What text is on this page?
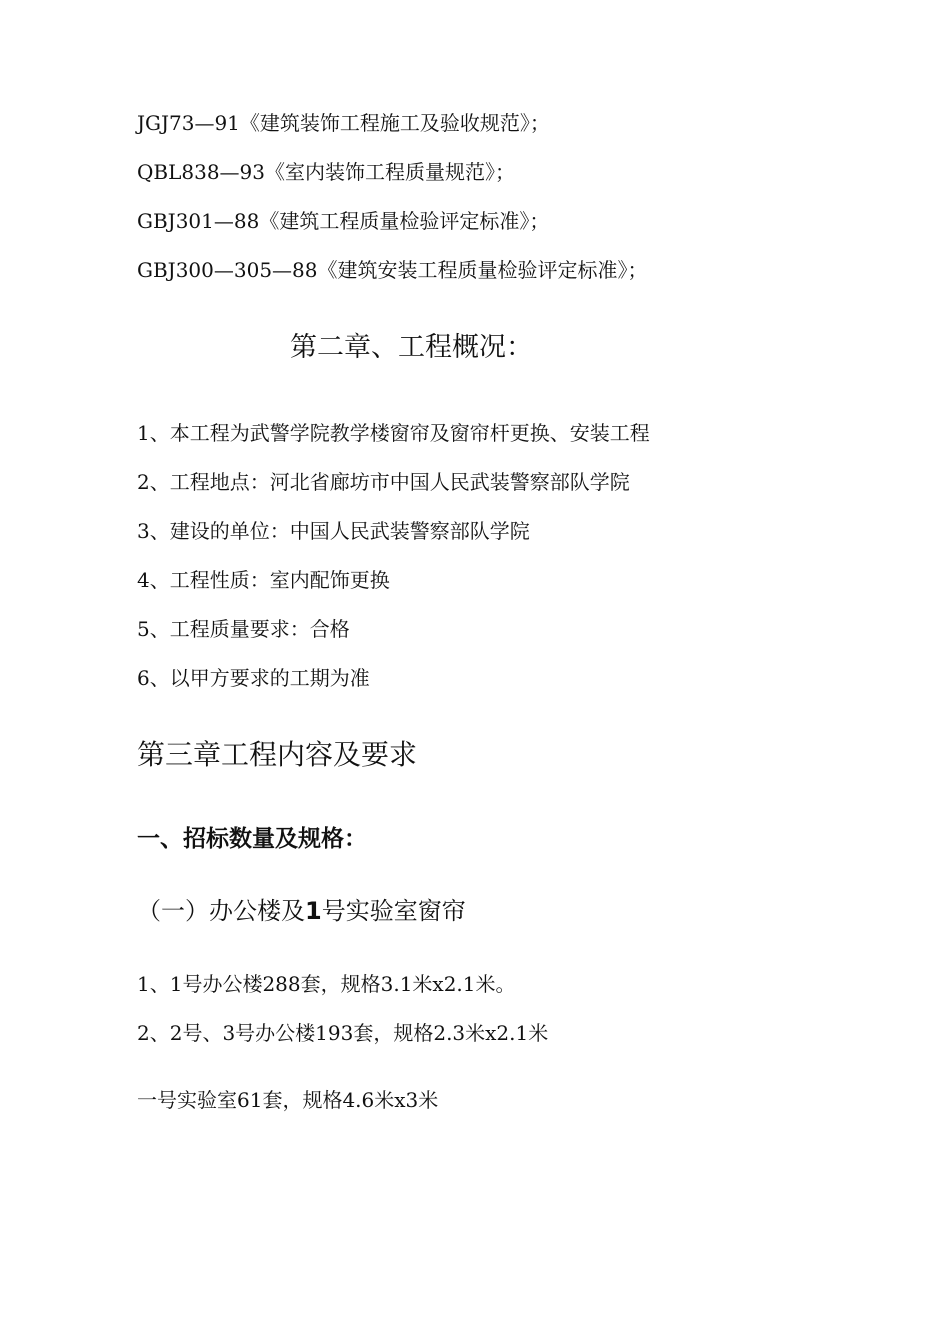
JGJ73—91《建筑装饰工程施工及验收规范》；
QBL838—93《室内装饰工程质量规范》；
GBJ301—88《建筑工程质量检验评定标准》；
GBJ300—305—88《建筑安装工程质量检验评定标准》；
第二章、工程概况：
1、本工程为武警学院教学楼窗帘及窗帘杆更换、安装工程
2、工程地点：河北省廊坊市中国人民武装警察部队学院
3、建设的单位：中国人民武装警察部队学院
4、工程性质：室内配饰更换
5、工程质量要求：合格
6、以甲方要求的工期为准
第三章工程内容及要求
一、招标数量及规格：
（一）办公楼及1号实验室窗帘
1、1号办公楼288套，规格3.1米x2.1米。
2、2号、3号办公楼193套，规格2.3米x2.1米
一号实验室61套，规格4.6米x3米
